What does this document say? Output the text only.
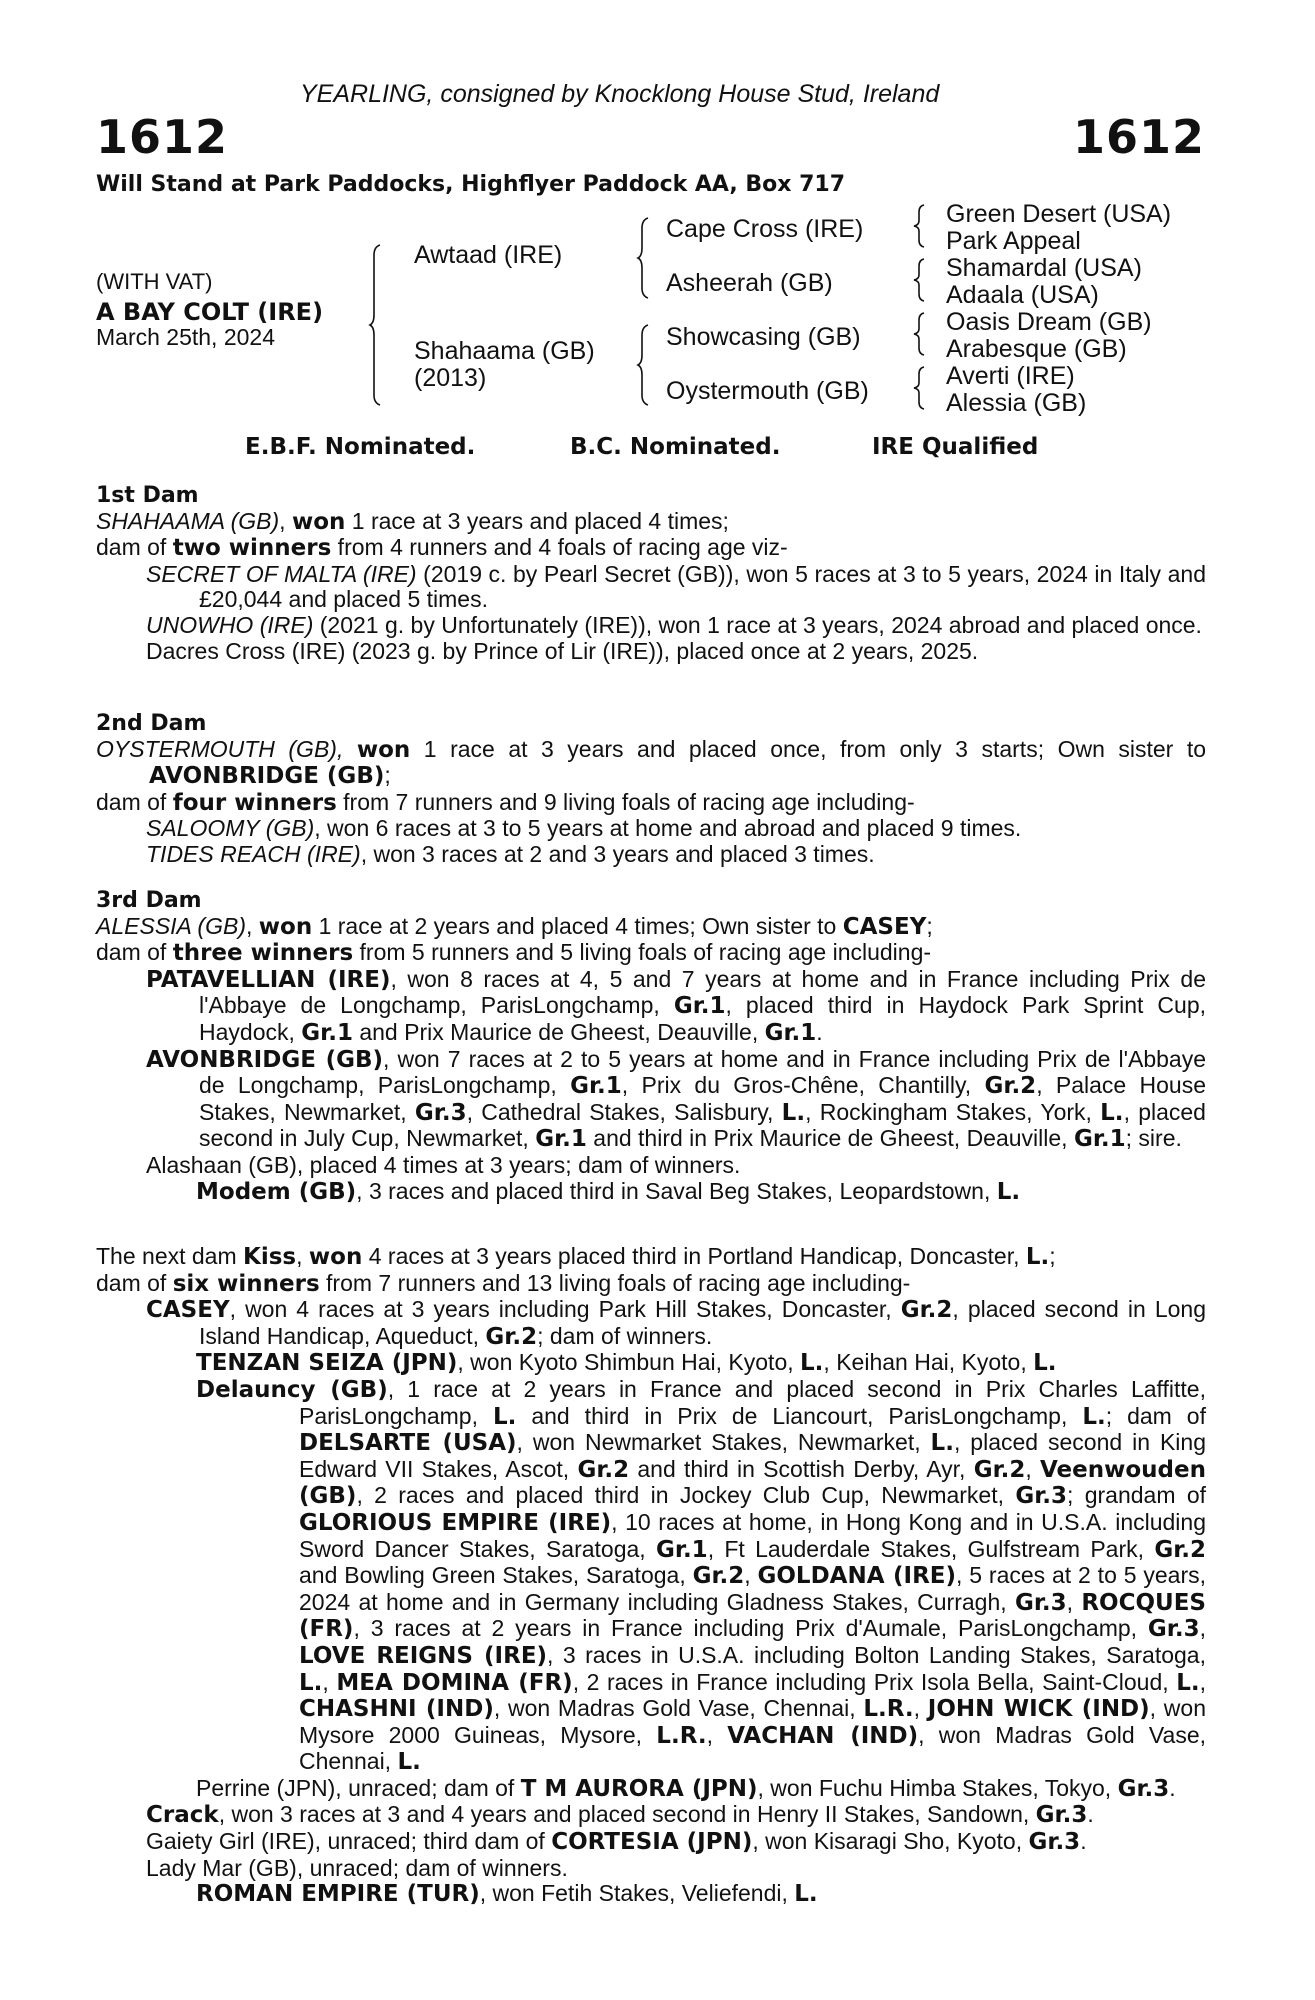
YEARLING, consigned by Knocklong House Stud, Ireland
1612	1612
Will Stand at Park Paddocks, Highflyer Paddock AA, Box 717
(WITH VAT)
A BAY COLT (IRE)
March 25th, 2024
Awtaad (IRE)
Shahaama (GB)
(2013)
Cape Cross (IRE)
Asheerah (GB)
Showcasing (GB)
Oystermouth (GB)
Green Desert (USA)
Park Appeal
Shamardal (USA)
Adaala (USA)
Oasis Dream (GB)
Arabesque (GB)
Averti (IRE)
Alessia (GB)
E.B.F. Nominated.	B.C. Nominated.	IRE Qualified

1st Dam

SHAHAAMA (GB), won 1 race at 3 years and placed 4 times;

dam of two winners from 4 runners and 4 foals of racing age viz-

SECRET OF MALTA (IRE) (2019 c. by Pearl Secret (GB)), won 5 races at 3 to 5 years, 2024 in Italy and £20,044 and placed 5 times.

UNOWHO (IRE) (2021 g. by Unfortunately (IRE)), won 1 race at 3 years, 2024 abroad and placed once.

Dacres Cross (IRE) (2023 g. by Prince of Lir (IRE)), placed once at 2 years, 2025.

2nd Dam

OYSTERMOUTH (GB), won 1 race at 3 years and placed once, from only 3 starts; Own sister to AVONBRIDGE (GB);

dam of four winners from 7 runners and 9 living foals of racing age including-

SALOOMY (GB), won 6 races at 3 to 5 years at home and abroad and placed 9 times.

TIDES REACH (IRE), won 3 races at 2 and 3 years and placed 3 times.

3rd Dam

ALESSIA (GB), won 1 race at 2 years and placed 4 times; Own sister to CASEY;

dam of three winners from 5 runners and 5 living foals of racing age including-

PATAVELLIAN (IRE), won 8 races at 4, 5 and 7 years at home and in France including Prix de l'Abbaye de Longchamp, ParisLongchamp, Gr.1, placed third in Haydock Park Sprint Cup, Haydock, Gr.1 and Prix Maurice de Gheest, Deauville, Gr.1.

AVONBRIDGE (GB), won 7 races at 2 to 5 years at home and in France including Prix de l'Abbaye de Longchamp, ParisLongchamp, Gr.1, Prix du Gros-Chêne, Chantilly, Gr.2, Palace House Stakes, Newmarket, Gr.3, Cathedral Stakes, Salisbury, L., Rockingham Stakes, York, L., placed second in July Cup, Newmarket, Gr.1 and third in Prix Maurice de Gheest, Deauville, Gr.1; sire.

Alashaan (GB), placed 4 times at 3 years; dam of winners.

Modem (GB), 3 races and placed third in Saval Beg Stakes, Leopardstown, L.

The next dam Kiss, won 4 races at 3 years placed third in Portland Handicap, Doncaster, L.;

dam of six winners from 7 runners and 13 living foals of racing age including-

CASEY, won 4 races at 3 years including Park Hill Stakes, Doncaster, Gr.2, placed second in Long Island Handicap, Aqueduct, Gr.2; dam of winners.

TENZAN SEIZA (JPN), won Kyoto Shimbun Hai, Kyoto, L., Keihan Hai, Kyoto, L.

Delauncy (GB), 1 race at 2 years in France and placed second in Prix Charles Laffitte, ParisLongchamp, L. and third in Prix de Liancourt, ParisLongchamp, L.; dam of DELSARTE (USA), won Newmarket Stakes, Newmarket, L., placed second in King Edward VII Stakes, Ascot, Gr.2 and third in Scottish Derby, Ayr, Gr.2, Veenwouden (GB), 2 races and placed third in Jockey Club Cup, Newmarket, Gr.3; grandam of GLORIOUS EMPIRE (IRE), 10 races at home, in Hong Kong and in U.S.A. including Sword Dancer Stakes, Saratoga, Gr.1, Ft Lauderdale Stakes, Gulfstream Park, Gr.2 and Bowling Green Stakes, Saratoga, Gr.2, GOLDANA (IRE), 5 races at 2 to 5 years, 2024 at home and in Germany including Gladness Stakes, Curragh, Gr.3, ROCQUES (FR), 3 races at 2 years in France including Prix d'Aumale, ParisLongchamp, Gr.3, LOVE REIGNS (IRE), 3 races in U.S.A. including Bolton Landing Stakes, Saratoga, L., MEA DOMINA (FR), 2 races in France including Prix Isola Bella, Saint-Cloud, L., CHASHNI (IND), won Madras Gold Vase, Chennai, L.R., JOHN WICK (IND), won Mysore 2000 Guineas, Mysore, L.R., VACHAN (IND), won Madras Gold Vase, Chennai, L.

Perrine (JPN), unraced; dam of T M AURORA (JPN), won Fuchu Himba Stakes, Tokyo, Gr.3.

Crack, won 3 races at 3 and 4 years and placed second in Henry II Stakes, Sandown, Gr.3.

Gaiety Girl (IRE), unraced; third dam of CORTESIA (JPN), won Kisaragi Sho, Kyoto, Gr.3.

Lady Mar (GB), unraced; dam of winners.

ROMAN EMPIRE (TUR), won Fetih Stakes, Veliefendi, L.
